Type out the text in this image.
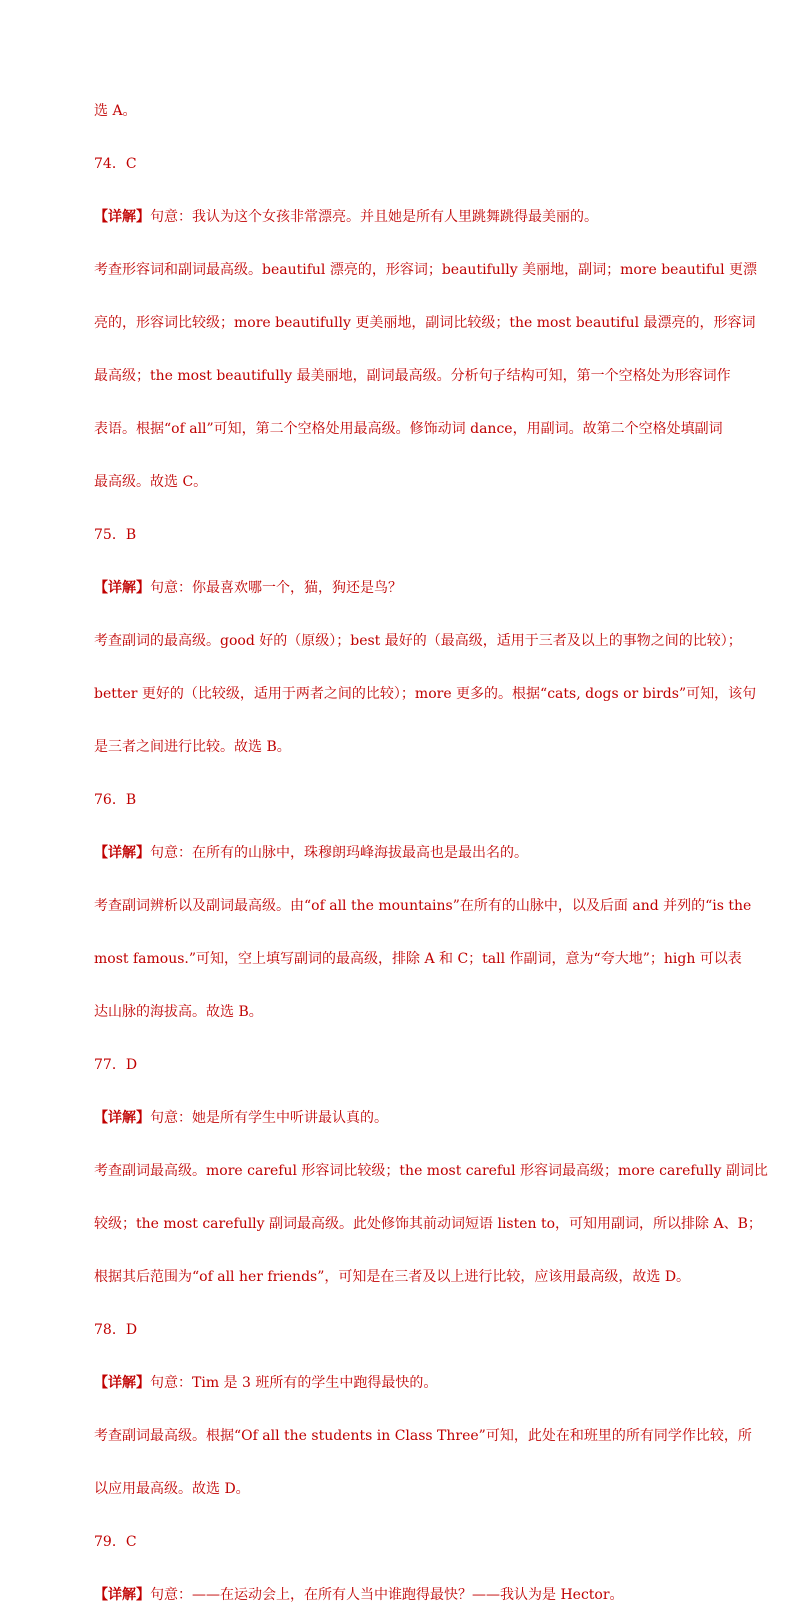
选 A。
74．C
【详解】句意：我认为这个女孩非常漂亮。并且她是所有人里跳舞跳得最美丽的。
考查形容词和副词最高级。beautiful 漂亮的，形容词；beautifully 美丽地，副词；more beautiful 更漂
亮的，形容词比较级；more beautifully 更美丽地，副词比较级；the most beautiful 最漂亮的，形容词
最高级；the most beautifully 最美丽地，副词最高级。分析句子结构可知，第一个空格处为形容词作
表语。根据“of all”可知，第二个空格处用最高级。修饰动词 dance，用副词。故第二个空格处填副词
最高级。故选 C。
75．B
【详解】句意：你最喜欢哪一个，猫，狗还是鸟？
考查副词的最高级。good 好的（原级）；best 最好的（最高级，适用于三者及以上的事物之间的比较）；
better 更好的（比较级，适用于两者之间的比较）；more 更多的。根据“cats, dogs or birds”可知，该句
是三者之间进行比较。故选 B。
76．B
【详解】句意：在所有的山脉中，珠穆朗玛峰海拔最高也是最出名的。
考查副词辨析以及副词最高级。由“of all the mountains”在所有的山脉中，以及后面 and 并列的“is the
most famous.”可知，空上填写副词的最高级，排除 A 和 C；tall 作副词，意为“夸大地”；high 可以表
达山脉的海拔高。故选 B。
77．D
【详解】句意：她是所有学生中听讲最认真的。
考查副词最高级。more careful 形容词比较级；the most careful 形容词最高级；more carefully 副词比
较级；the most carefully 副词最高级。此处修饰其前动词短语 listen to，可知用副词，所以排除 A、B；
根据其后范围为“of all her friends”，可知是在三者及以上进行比较，应该用最高级，故选 D。
78．D
【详解】句意：Tim 是 3 班所有的学生中跑得最快的。
考查副词最高级。根据“Of all the students in Class Three”可知，此处在和班里的所有同学作比较，所
以应用最高级。故选 D。
79．C
【详解】句意：——在运动会上，在所有人当中谁跑得最快？——我认为是 Hector。
